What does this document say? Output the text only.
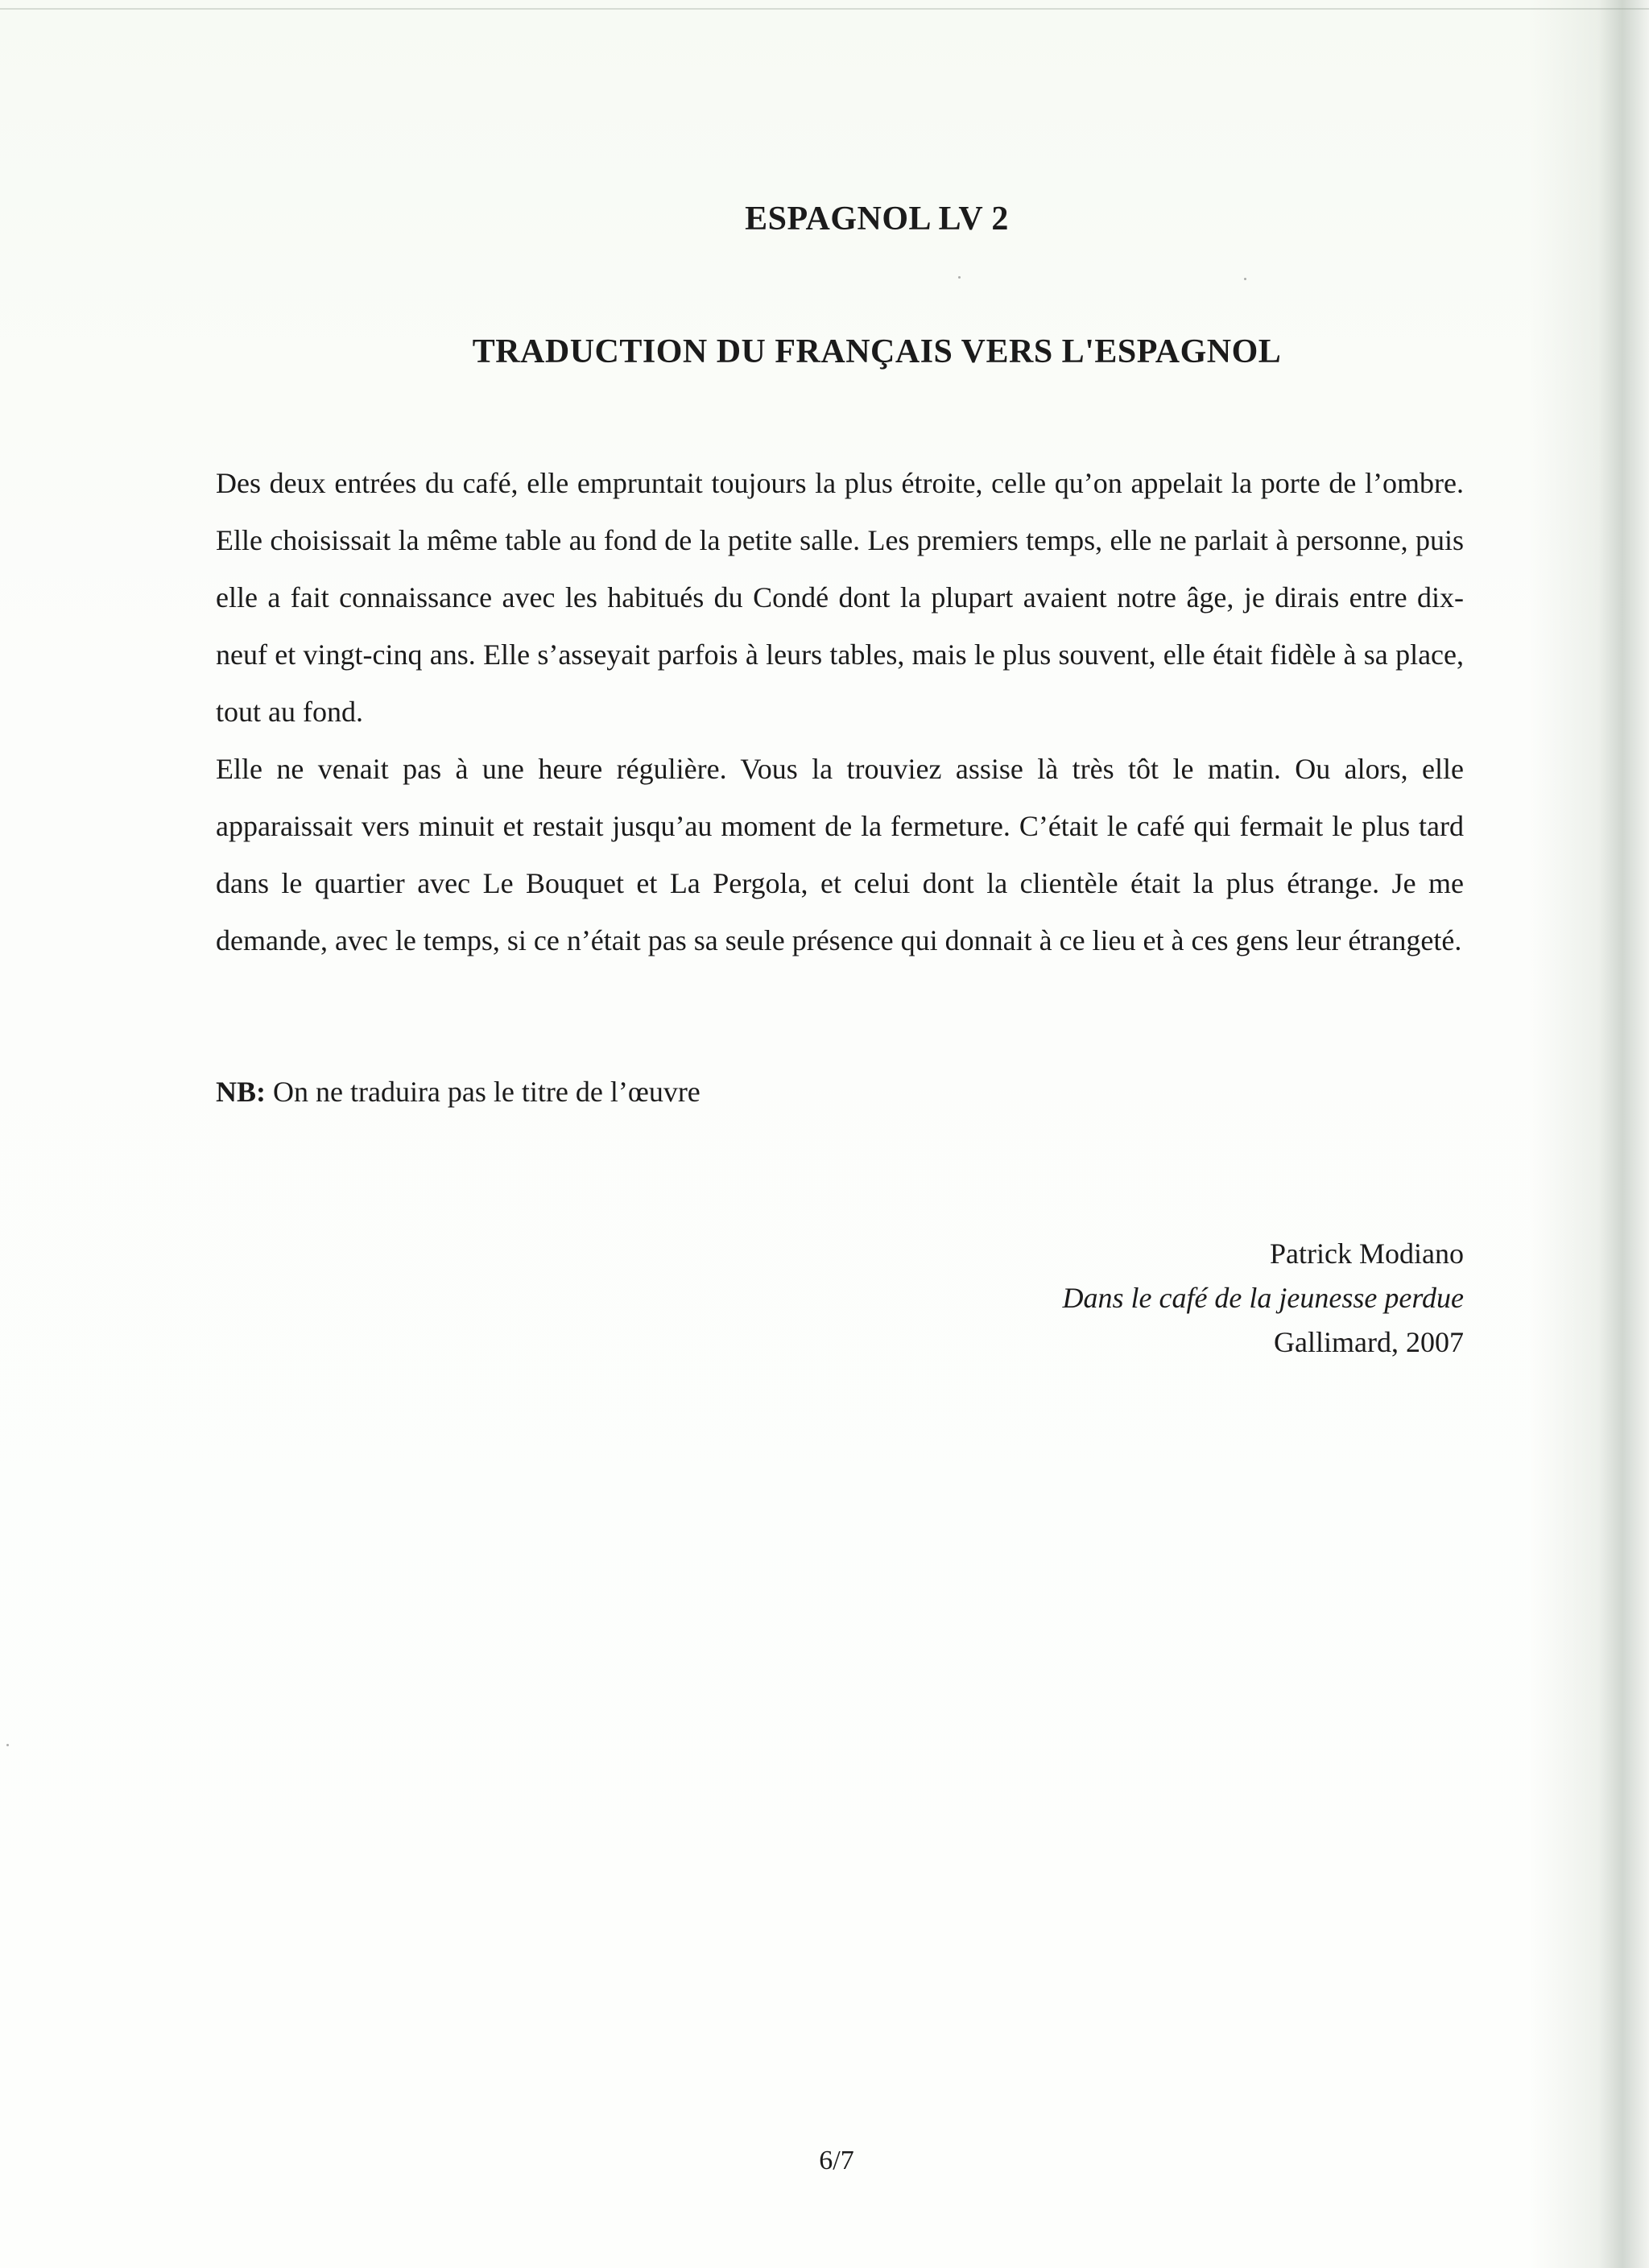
ESPAGNOL LV 2
TRADUCTION DU FRANÇAIS VERS L'ESPAGNOL

Des deux entrées du café, elle empruntait toujours la plus étroite, celle qu’on appelait la porte de l’ombre. Elle choisissait la même table au fond de la petite salle. Les premiers temps, elle ne parlait à personne, puis elle a fait connaissance avec les habitués du Condé dont la plupart avaient notre âge, je dirais entre dix-neuf et vingt-cinq ans. Elle s’asseyait parfois à leurs tables, mais le plus souvent, elle était fidèle à sa place, tout au fond.

Elle ne venait pas à une heure régulière. Vous la trouviez assise là très tôt le matin. Ou alors, elle apparaissait vers minuit et restait jusqu’au moment de la fermeture. C’était le café qui fermait le plus tard dans le quartier avec Le Bouquet et La Pergola, et celui dont la clientèle était la plus étrange. Je me demande, avec le temps, si ce n’était pas sa seule présence qui donnait à ce lieu et à ces gens leur étrangeté.

NB: On ne traduira pas le titre de l’œuvre

Patrick Modiano
Dans le café de la jeunesse perdue
Gallimard, 2007
6/7
